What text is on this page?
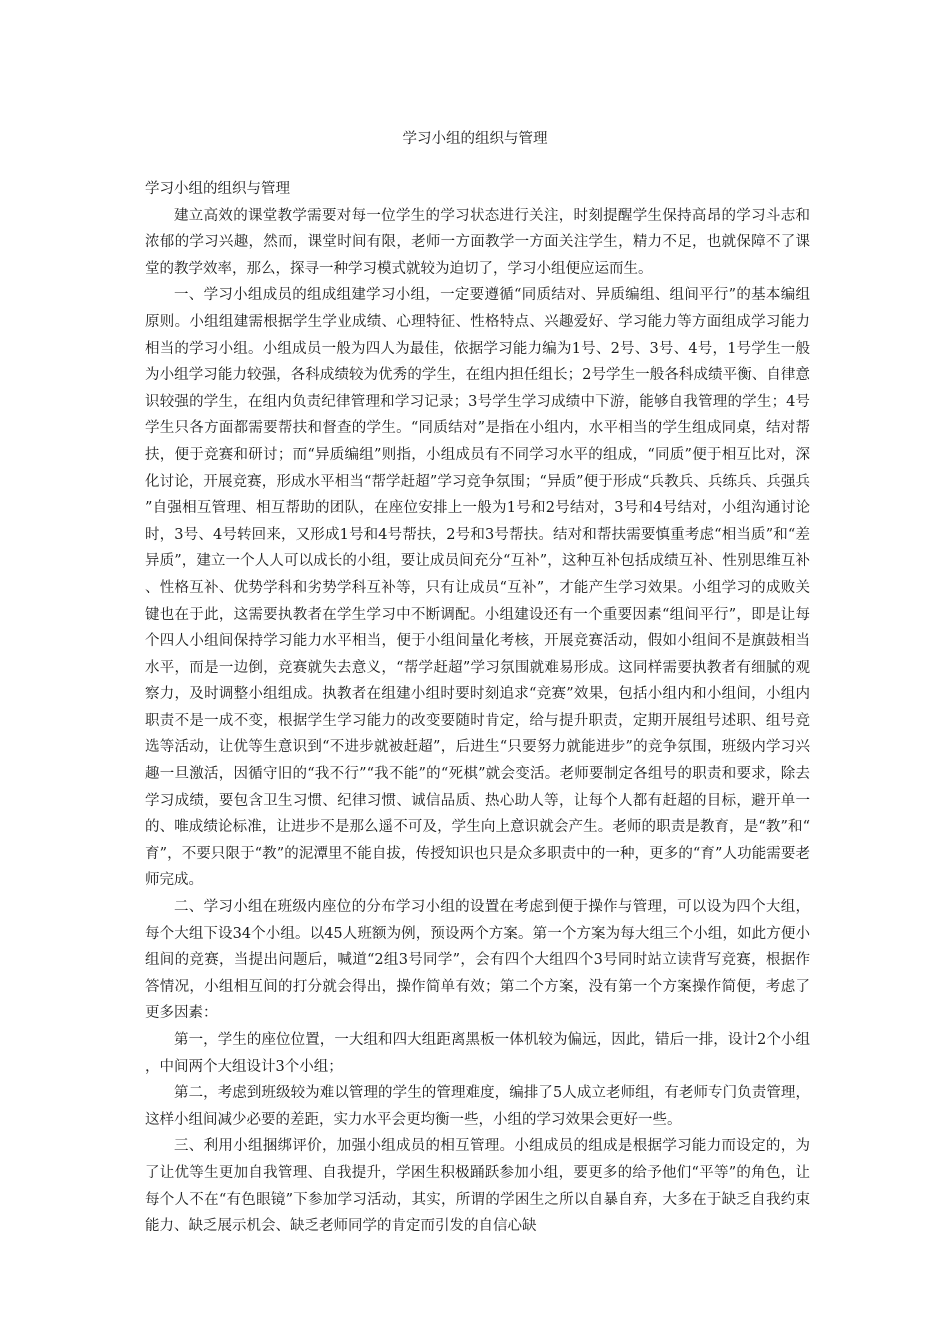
学习小组的组织与管理

学习小组的组织与管理

建立高效的课堂教学需要对每一位学生的学习状态进行关注，时刻提醒学生保持高昂的学习斗志和浓郁的学习兴趣，然而，课堂时间有限，老师一方面教学一方面关注学生，精力不足，也就保障不了课堂的教学效率，那么，探寻一种学习模式就较为迫切了，学习小组便应运而生。

一、学习小组成员的组成组建学习小组，一定要遵循“同质结对、异质编组、组间平行”的基本编组原则。小组组建需根据学生学业成绩、心理特征、性格特点、兴趣爱好、学习能力等方面组成学习能力相当的学习小组。小组成员一般为四人为最佳，依据学习能力编为1号、2号、3号、4号，1号学生一般为小组学习能力较强，各科成绩较为优秀的学生，在组内担任组长；2号学生一般各科成绩平衡、自律意识较强的学生，在组内负责纪律管理和学习记录；3号学生学习成绩中下游，能够自我管理的学生；4号学生只各方面都需要帮扶和督查的学生。“同质结对”是指在小组内，水平相当的学生组成同桌，结对帮扶，便于竞赛和研讨；而“异质编组”则指，小组成员有不同学习水平的组成，“同质”便于相互比对，深化讨论，开展竞赛，形成水平相当“帮学赶超”学习竞争氛围；“异质”便于形成“兵教兵、兵练兵、兵强兵”自强相互管理、相互帮助的团队，在座位安排上一般为1号和2号结对，3号和4号结对，小组沟通讨论时，3号、4号转回来，又形成1号和4号帮扶，2号和3号帮扶。结对和帮扶需要慎重考虑“相当质”和“差异质”，建立一个人人可以成长的小组，要让成员间充分“互补”，这种互补包括成绩互补、性别思维互补、性格互补、优势学科和劣势学科互补等，只有让成员“互补”，才能产生学习效果。小组学习的成败关键也在于此，这需要执教者在学生学习中不断调配。小组建设还有一个重要因素“组间平行”，即是让每个四人小组间保持学习能力水平相当，便于小组间量化考核，开展竞赛活动，假如小组间不是旗鼓相当水平，而是一边倒，竞赛就失去意义，“帮学赶超”学习氛围就难易形成。这同样需要执教者有细腻的观察力，及时调整小组组成。执教者在组建小组时要时刻追求“竞赛”效果，包括小组内和小组间，小组内职责不是一成不变，根据学生学习能力的改变要随时肯定，给与提升职责，定期开展组号述职、组号竞选等活动，让优等生意识到“不进步就被赶超”，后进生“只要努力就能进步”的竞争氛围，班级内学习兴趣一旦激活，因循守旧的“我不行”“我不能”的“死棋”就会变活。老师要制定各组号的职责和要求，除去学习成绩，要包含卫生习惯、纪律习惯、诚信品质、热心助人等，让每个人都有赶超的目标，避开单一的、唯成绩论标准，让进步不是那么遥不可及，学生向上意识就会产生。老师的职责是教育，是“教”和“育”，不要只限于“教”的泥潭里不能自拔，传授知识也只是众多职责中的一种，更多的“育”人功能需要老师完成。

二、学习小组在班级内座位的分布学习小组的设置在考虑到便于操作与管理，可以设为四个大组，每个大组下设34个小组。以45人班额为例，预设两个方案。第一个方案为每大组三个小组，如此方便小组间的竞赛，当提出问题后，喊道“2组3号同学”，会有四个大组四个3号同时站立读背写竞赛，根据作答情况，小组相互间的打分就会得出，操作简单有效；第二个方案，没有第一个方案操作简便，考虑了更多因素：

第一，学生的座位位置，一大组和四大组距离黑板一体机较为偏远，因此，错后一排，设计2个小组，中间两个大组设计3个小组；

第二，考虑到班级较为难以管理的学生的管理难度，编排了5人成立老师组，有老师专门负责管理，这样小组间减少必要的差距，实力水平会更均衡一些，小组的学习效果会更好一些。

三、利用小组捆绑评价，加强小组成员的相互管理。小组成员的组成是根据学习能力而设定的，为了让优等生更加自我管理、自我提升，学困生积极踊跃参加小组，要更多的给予他们“平等”的角色，让每个人不在“有色眼镜”下参加学习活动，其实，所谓的学困生之所以自暴自弃，大多在于缺乏自我约束能力、缺乏展示机会、缺乏老师同学的肯定而引发的自信心缺
